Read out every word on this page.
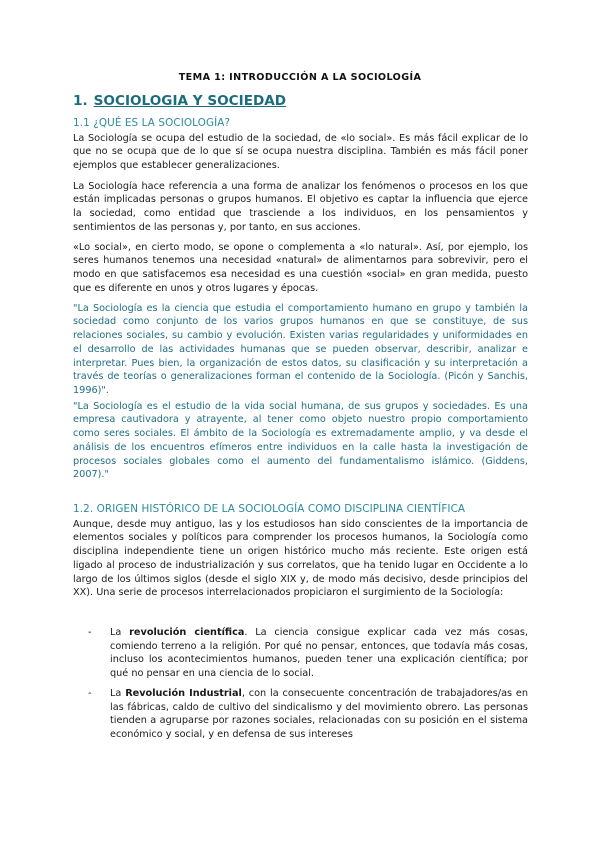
TEMA 1: INTRODUCCIÓN A LA SOCIOLOGÍA
1. SOCIOLOGIA Y SOCIEDAD
1.1 ¿QUÉ ES LA SOCIOLOGÍA?

La Sociología se ocupa del estudio de la sociedad, de «lo social». Es más fácil explicar de lo que no se ocupa que de lo que sí se ocupa nuestra disciplina. También es más fácil poner ejemplos que establecer generalizaciones.

La Sociología hace referencia a una forma de analizar los fenómenos o procesos en los que están implicadas personas o grupos humanos. El objetivo es captar la influencia que ejerce la sociedad, como entidad que trasciende a los individuos, en los pensamientos y sentimientos de las personas y, por tanto, en sus acciones.

«Lo social», en cierto modo, se opone o complementa a «lo natural». Así, por ejemplo, los seres humanos tenemos una necesidad «natural» de alimentarnos para sobrevivir, pero el modo en que satisfacemos esa necesidad es una cuestión «social» en gran medida, puesto que es diferente en unos y otros lugares y épocas.

"La Sociología es la ciencia que estudia el comportamiento humano en grupo y también la sociedad como conjunto de los varios grupos humanos en que se constituye, de sus relaciones sociales, su cambio y evolución. Existen varias regularidades y uniformidades en el desarrollo de las actividades humanas que se pueden observar, describir, analizar e interpretar. Pues bien, la organización de estos datos, su clasificación y su interpretación a través de teorías o generalizaciones forman el contenido de la Sociología. (Picón y Sanchis, 1996)".

"La Sociología es el estudio de la vida social humana, de sus grupos y sociedades. Es una empresa cautivadora y atrayente, al tener como objeto nuestro propio comportamiento como seres sociales. El ámbito de la Sociología es extremadamente amplio, y va desde el análisis de los encuentros efímeros entre individuos en la calle hasta la investigación de procesos sociales globales como el aumento del fundamentalismo islámico. (Giddens, 2007)."

1.2. ORIGEN HISTÓRICO DE LA SOCIOLOGÍA COMO DISCIPLINA CIENTÍFICA

Aunque, desde muy antiguo, las y los estudiosos han sido conscientes de la importancia de elementos sociales y políticos para comprender los procesos humanos, la Sociología como disciplina independiente tiene un origen histórico mucho más reciente. Este origen está ligado al proceso de industrialización y sus correlatos, que ha tenido lugar en Occidente a lo largo de los últimos siglos (desde el siglo XIX y, de modo más decisivo, desde principios del XX). Una serie de procesos interrelacionados propiciaron el surgimiento de la Sociología:

- La revolución científica. La ciencia consigue explicar cada vez más cosas, comiendo terreno a la religión. Por qué no pensar, entonces, que todavía más cosas, incluso los acontecimientos humanos, pueden tener una explicación científica; por qué no pensar en una ciencia de lo social.
- La Revolución Industrial, con la consecuente concentración de trabajadores/as en las fábricas, caldo de cultivo del sindicalismo y del movimiento obrero. Las personas tienden a agruparse por razones sociales, relacionadas con su posición en el sistema económico y social, y en defensa de sus intereses
